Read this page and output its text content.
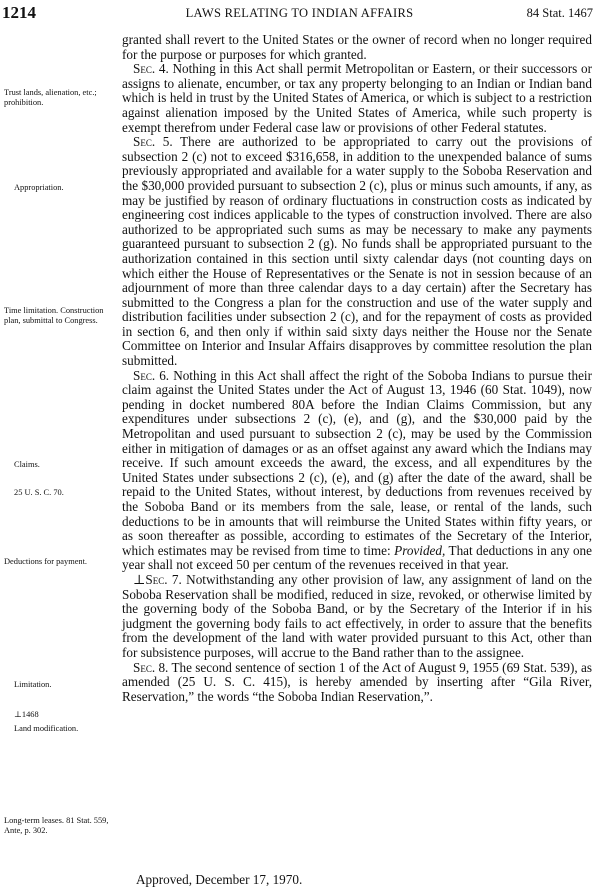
1214	LAWS RELATING TO INDIAN AFFAIRS	84 Stat. 1467
Trust lands, alienation, etc.; prohibition.
Appropriation.
Time limitation. Construction plan, submittal to Congress.
Claims.
25 U. S. C. 70.
Deductions for payment.
Limitation.
⊥1468
Land modification.
Long-term leases. 81 Stat. 559, Ante, p. 302.

granted shall revert to the United States or the owner of record when no longer required for the purpose or purposes for which granted.

Sec. 4. Nothing in this Act shall permit Metropolitan or Eastern, or their successors or assigns to alienate, encumber, or tax any property belonging to an Indian or Indian band which is held in trust by the United States of America, or which is subject to a restriction against alienation imposed by the United States of America, while such property is exempt therefrom under Federal case law or provisions of other Federal statutes.

Sec. 5. There are authorized to be appropriated to carry out the provisions of subsection 2 (c) not to exceed $316,658, in addition to the unexpended balance of sums previously appropriated and available for a water supply to the Soboba Reservation and the $30,000 provided pursuant to subsection 2 (c), plus or minus such amounts, if any, as may be justified by reason of ordinary fluctuations in construction costs as indicated by engineering cost indices applicable to the types of construction involved. There are also authorized to be appropriated such sums as may be necessary to make any payments guaranteed pursuant to subsection 2 (g). No funds shall be appropriated pursuant to the authorization contained in this section until sixty calendar days (not counting days on which either the House of Representatives or the Senate is not in session because of an adjournment of more than three calendar days to a day certain) after the Secretary has submitted to the Congress a plan for the construction and use of the water supply and distribution facilities under subsection 2 (c), and for the repayment of costs as provided in section 6, and then only if within said sixty days neither the House nor the Senate Committee on Interior and Insular Affairs disapproves by committee resolution the plan submitted.

Sec. 6. Nothing in this Act shall affect the right of the Soboba Indians to pursue their claim against the United States under the Act of August 13, 1946 (60 Stat. 1049), now pending in docket numbered 80A before the Indian Claims Commission, but any expenditures under subsections 2 (c), (e), and (g), and the $30,000 paid by the Metropolitan and used pursuant to subsection 2 (c), may be used by the Commission either in mitigation of damages or as an offset against any award which the Indians may receive. If such amount exceeds the award, the excess, and all expenditures by the United States under subsections 2 (c), (e), and (g) after the date of the award, shall be repaid to the United States, without interest, by deductions from revenues received by the Soboba Band or its members from the sale, lease, or rental of the lands, such deductions to be in amounts that will reimburse the United States within fifty years, or as soon thereafter as possible, according to estimates of the Secretary of the Interior, which estimates may be revised from time to time: Provided, That deductions in any one year shall not exceed 50 per centum of the revenues received in that year.

⊥Sec. 7. Notwithstanding any other provision of law, any assignment of land on the Soboba Reservation shall be modified, reduced in size, revoked, or otherwise limited by the governing body of the Soboba Band, or by the Secretary of the Interior if in his judgment the governing body fails to act effectively, in order to assure that the benefits from the development of the land with water provided pursuant to this Act, other than for subsistence purposes, will accrue to the Band rather than to the assignee.

Sec. 8. The second sentence of section 1 of the Act of August 9, 1955 (69 Stat. 539), as amended (25 U. S. C. 415), is hereby amended by inserting after “Gila River, Reservation,” the words “the Soboba Indian Reservation,”.

Approved, December 17, 1970.
